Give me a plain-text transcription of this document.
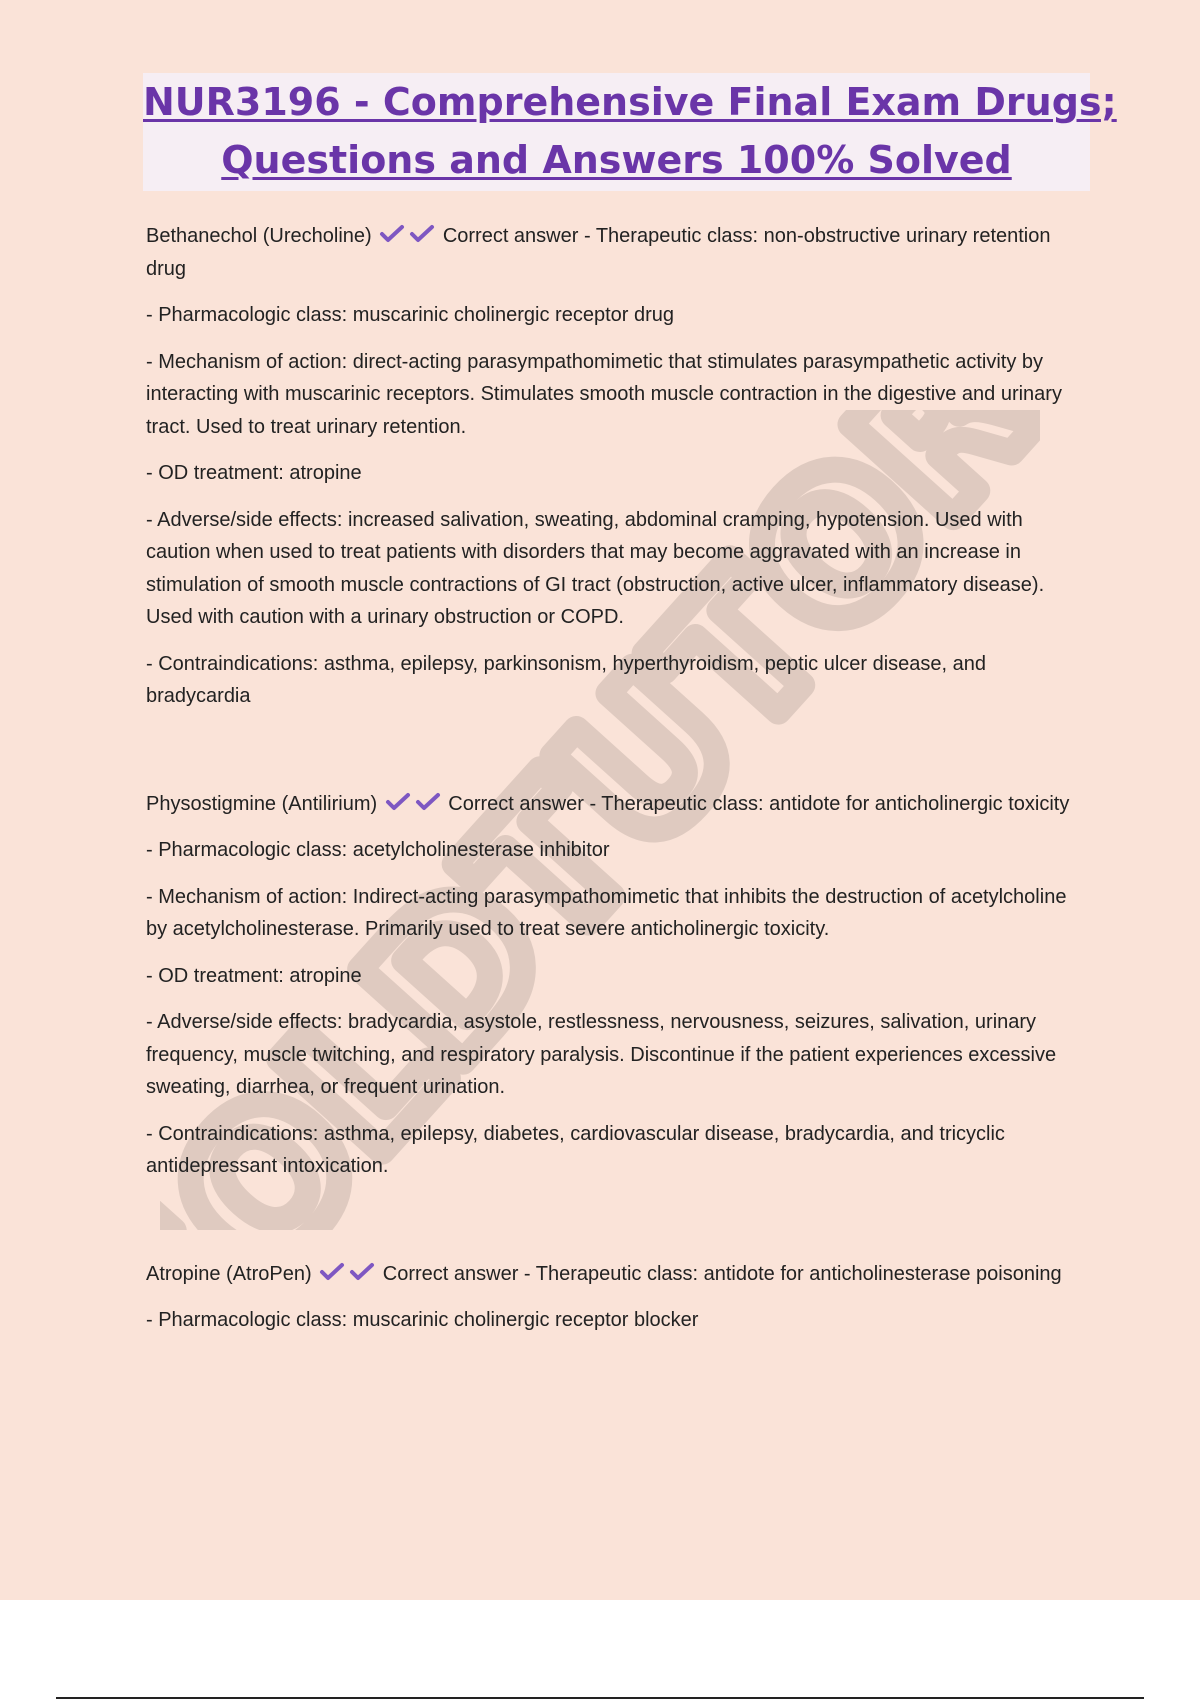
GOLDTUTORS
NUR3196 - Comprehensive Final Exam Drugs;
Questions and Answers 100% Solved

Bethanechol (Urecholine)	Correct answer - Therapeutic class: non-obstructive urinary retention drug

- Pharmacologic class: muscarinic cholinergic receptor drug

- Mechanism of action: direct-acting parasympathomimetic that stimulates parasympathetic activity by interacting with muscarinic receptors. Stimulates smooth muscle contraction in the digestive and urinary tract. Used to treat urinary retention.

- OD treatment: atropine

- Adverse/side effects: increased salivation, sweating, abdominal cramping, hypotension. Used with caution when used to treat patients with disorders that may become aggravated with an increase in stimulation of smooth muscle contractions of GI tract (obstruction, active ulcer, inflammatory disease). Used with caution with a urinary obstruction or COPD.

- Contraindications: asthma, epilepsy, parkinsonism, hyperthyroidism, peptic ulcer disease, and bradycardia

Physostigmine (Antilirium)	Correct answer - Therapeutic class: antidote for anticholinergic toxicity

- Pharmacologic class: acetylcholinesterase inhibitor

- Mechanism of action: Indirect-acting parasympathomimetic that inhibits the destruction of acetylcholine by acetylcholinesterase. Primarily used to treat severe anticholinergic toxicity.

- OD treatment: atropine

- Adverse/side effects: bradycardia, asystole, restlessness, nervousness, seizures, salivation, urinary frequency, muscle twitching, and respiratory paralysis. Discontinue if the patient experiences excessive sweating, diarrhea, or frequent urination.

- Contraindications: asthma, epilepsy, diabetes, cardiovascular disease, bradycardia, and tricyclic antidepressant intoxication.

Atropine (AtroPen)	Correct answer - Therapeutic class: antidote for anticholinesterase poisoning

- Pharmacologic class: muscarinic cholinergic receptor blocker
